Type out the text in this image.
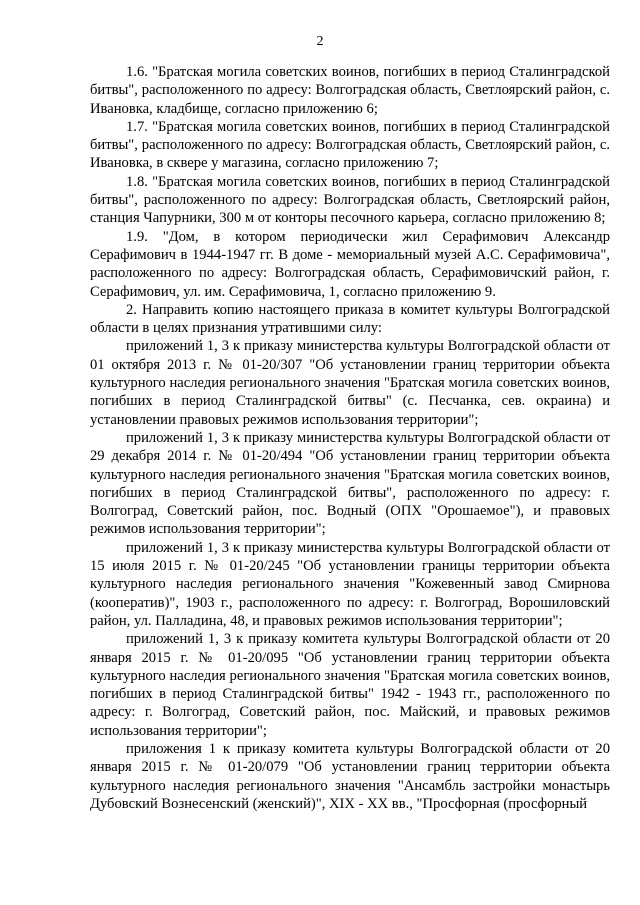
2

1.6. "Братская могила советских воинов, погибших в период Сталинградской битвы", расположенного по адресу: Волгоградская область, Светлоярский район, с. Ивановка, кладбище, согласно приложению 6;

1.7. "Братская могила советских воинов, погибших в период Сталинградской битвы", расположенного по адресу: Волгоградская область, Светлоярский район, с. Ивановка, в сквере у магазина, согласно приложению 7;

1.8. "Братская могила советских воинов, погибших в период Сталинградской битвы", расположенного по адресу: Волгоградская область, Светлоярский район, станция Чапурники, 300 м от конторы песочного карьера, согласно приложению 8;

1.9. "Дом, в котором периодически жил Серафимович Александр Серафимович в 1944-1947 гг. В доме - мемориальный музей А.С. Серафимовича", расположенного по адресу: Волгоградская область, Серафимовичский район, г. Серафимович, ул. им. Серафимовича, 1, согласно приложению 9.

2. Направить копию настоящего приказа в комитет культуры Волгоградской области в целях признания утратившими силу:

приложений 1, 3 к приказу министерства культуры Волгоградской области от 01 октября 2013 г. № 01-20/307 "Об установлении границ территории объекта культурного наследия регионального значения "Братская могила советских воинов, погибших в период Сталинградской битвы" (с. Песчанка, сев. окраина) и установлении правовых режимов использования территории";

приложений 1, 3 к приказу министерства культуры Волгоградской области от 29 декабря 2014 г. № 01-20/494 "Об установлении границ территории объекта культурного наследия регионального значения "Братская могила советских воинов, погибших в период Сталинградской битвы", расположенного по адресу: г. Волгоград, Советский район, пос. Водный (ОПХ "Орошаемое"), и правовых режимов использования территории";

приложений 1, 3 к приказу министерства культуры Волгоградской области от 15 июля 2015 г. № 01-20/245 "Об установлении границы территории объекта культурного наследия регионального значения "Кожевенный завод Смирнова (кооператив)", 1903 г., расположенного по адресу: г. Волгоград, Ворошиловский район, ул. Палладина, 48, и правовых режимов использования территории";

приложений 1, 3 к приказу комитета культуры Волгоградской области от 20 января 2015 г. № 01-20/095 "Об установлении границ территории объекта культурного наследия регионального значения "Братская могила советских воинов, погибших в период Сталинградской битвы" 1942 - 1943 гг., расположенного по адресу: г. Волгоград, Советский район, пос. Майский, и правовых режимов использования территории";

приложения 1 к приказу комитета культуры Волгоградской области от 20 января 2015 г. № 01-20/079 "Об установлении границ территории объекта культурного наследия регионального значения "Ансамбль застройки монастырь Дубовский Вознесенский (женский)", XIX - XX вв., "Просфорная (просфорный
